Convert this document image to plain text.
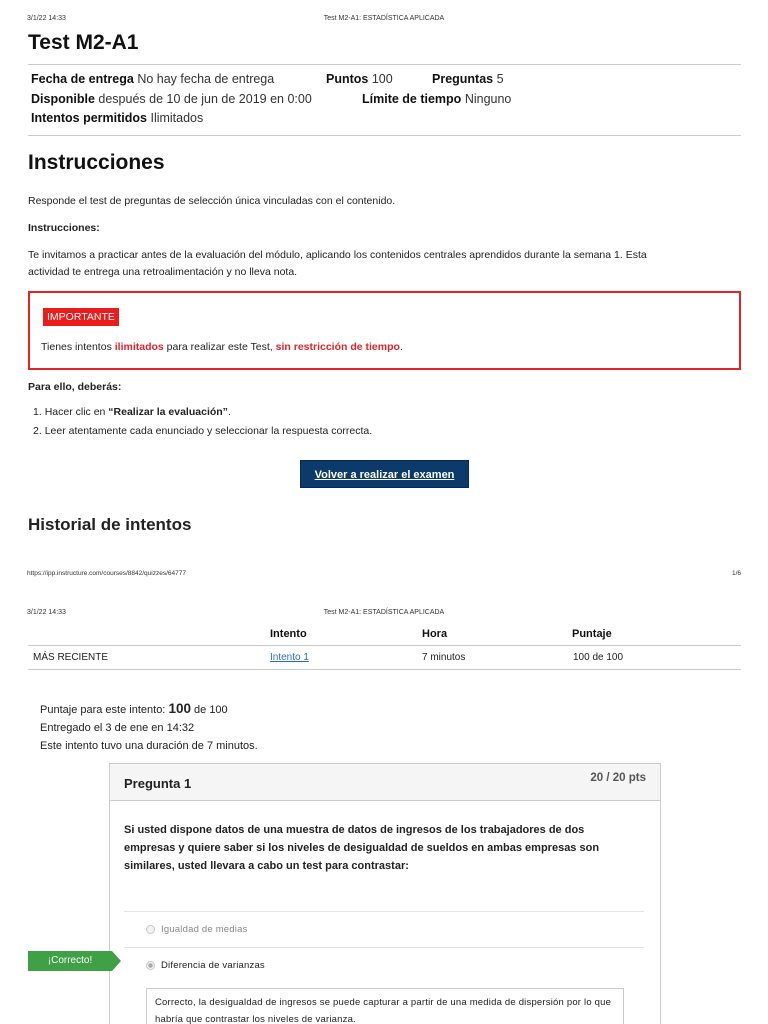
3/1/22 14:33	Test M2-A1: ESTADÍSTICA APLICADA
Test M2-A1
Fecha de entrega No hay fecha de entrega	Puntos 100	Preguntas 5
Disponible después de 10 de jun de 2019 en 0:00	Límite de tiempo Ninguno
Intentos permitidos Ilimitados
Instrucciones

Responde el test de preguntas de selección única vinculadas con el contenido.

Instrucciones:

Te invitamos a practicar antes de la evaluación del módulo, aplicando los contenidos centrales aprendidos durante la semana 1. Esta
actividad te entrega una retroalimentación y no lleva nota.

IMPORTANTE

Tienes intentos ilimitados para realizar este Test, sin restricción de tiempo.

Para ello, deberás:

1. Hacer clic en “Realizar la evaluación”.
2. Leer atentamente cada enunciado y seleccionar la respuesta correcta.
Volver a realizar el examen
Historial de intentos
https://ipp.instructure.com/courses/8842/quizzes/64777	1/6
3/1/22 14:33	Test M2-A1: ESTADÍSTICA APLICADA
Intento	Hora	Puntaje
MÁS RECIENTE	Intento 1	7 minutos	100 de 100
Puntaje para este intento: 100 de 100
Entregado el 3 de ene en 14:32
Este intento tuvo una duración de 7 minutos.
Pregunta 1	20 / 20 pts

Si usted dispone datos de una muestra de datos de ingresos de los trabajadores de dos empresas y quiere saber si los niveles de desigualdad de sueldos en ambas empresas son similares, usted llevara a cabo un test para contrastar:

Igualdad de medias
Diferencia de varianzas
Correcto, la desigualdad de ingresos se puede capturar a partir de una medida de dispersión por lo que habría que contrastar los niveles de varianza.
¡Correcto!
